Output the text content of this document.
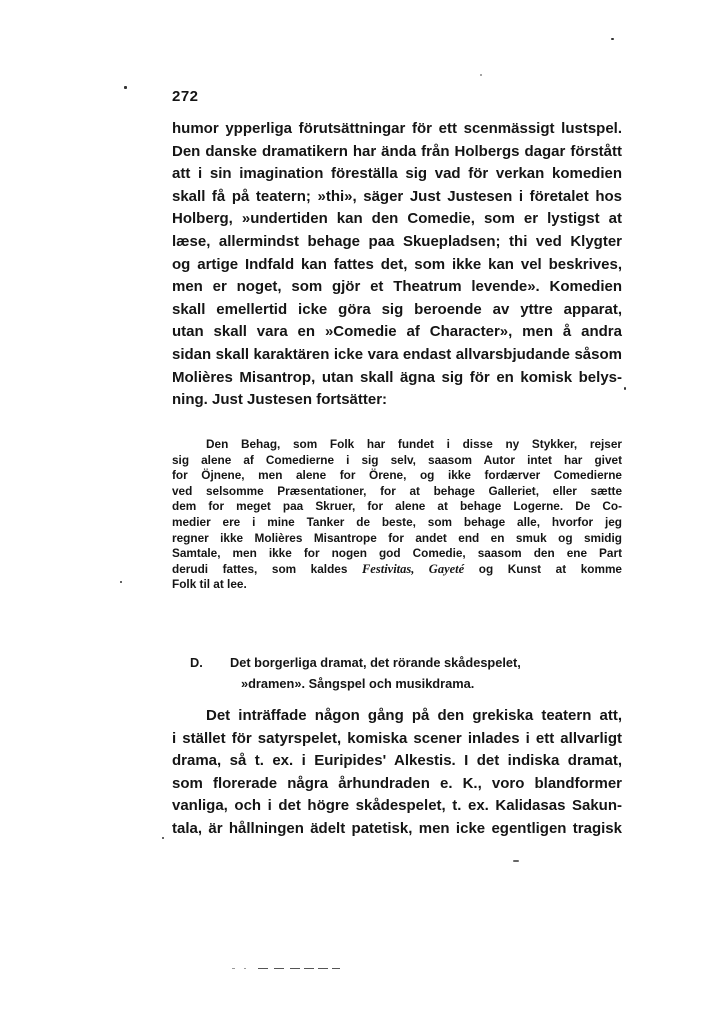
272

humor ypperliga förutsättningar för ett scenmässigt lustspel.
Den danske dramatikern har ända från Holbergs dagar förstått
att i sin imagination föreställa sig vad för verkan komedien
skall få på teatern; »thi», säger Just Justesen i företalet hos
Holberg, »undertiden kan den Comedie, som er lystigst at
læse, allermindst behage paa Skuepladsen; thi ved Klygter
og artige Indfald kan fattes det, som ikke kan vel beskrives,
men er noget, som gjör et Theatrum levende». Komedien
skall emellertid icke göra sig beroende av yttre apparat,
utan skall vara en »Comedie af Character», men å andra
sidan skall karaktären icke vara endast allvarsbjudande såsom
Molières Misantrop, utan skall ägna sig för en komisk belys-
ning. Just Justesen fortsätter:

Den Behag, som Folk har fundet i disse ny Stykker, rejser
sig alene af Comedierne i sig selv, saasom Autor intet har givet
for Öjnene, men alene for Örene, og ikke fordærver Comedierne
ved selsomme Præsentationer, for at behage Galleriet, eller sætte
dem for meget paa Skruer, for alene at behage Logerne. De Co-
medier ere i mine Tanker de beste, som behage alle, hvorfor jeg
regner ikke Molières Misantrope for andet end en smuk og smidig
Samtale, men ikke for nogen god Comedie, saasom den ene Part
derudi fattes, som kaldes Festivitas, Gayeté og Kunst at komme
Folk til at lee.

D. Det borgerliga dramat, det rörande skådespelet,
»dramen». Sångspel och musikdrama.

Det inträffade någon gång på den grekiska teatern att,
i stället för satyrspelet, komiska scener inlades i ett allvarligt
drama, så t. ex. i Euripides' Alkestis. I det indiska dramat,
som florerade några århundraden e. K., voro blandformer
vanliga, och i det högre skådespelet, t. ex. Kalidasas Sakun-
tala, är hållningen ädelt patetisk, men icke egentligen tragisk
